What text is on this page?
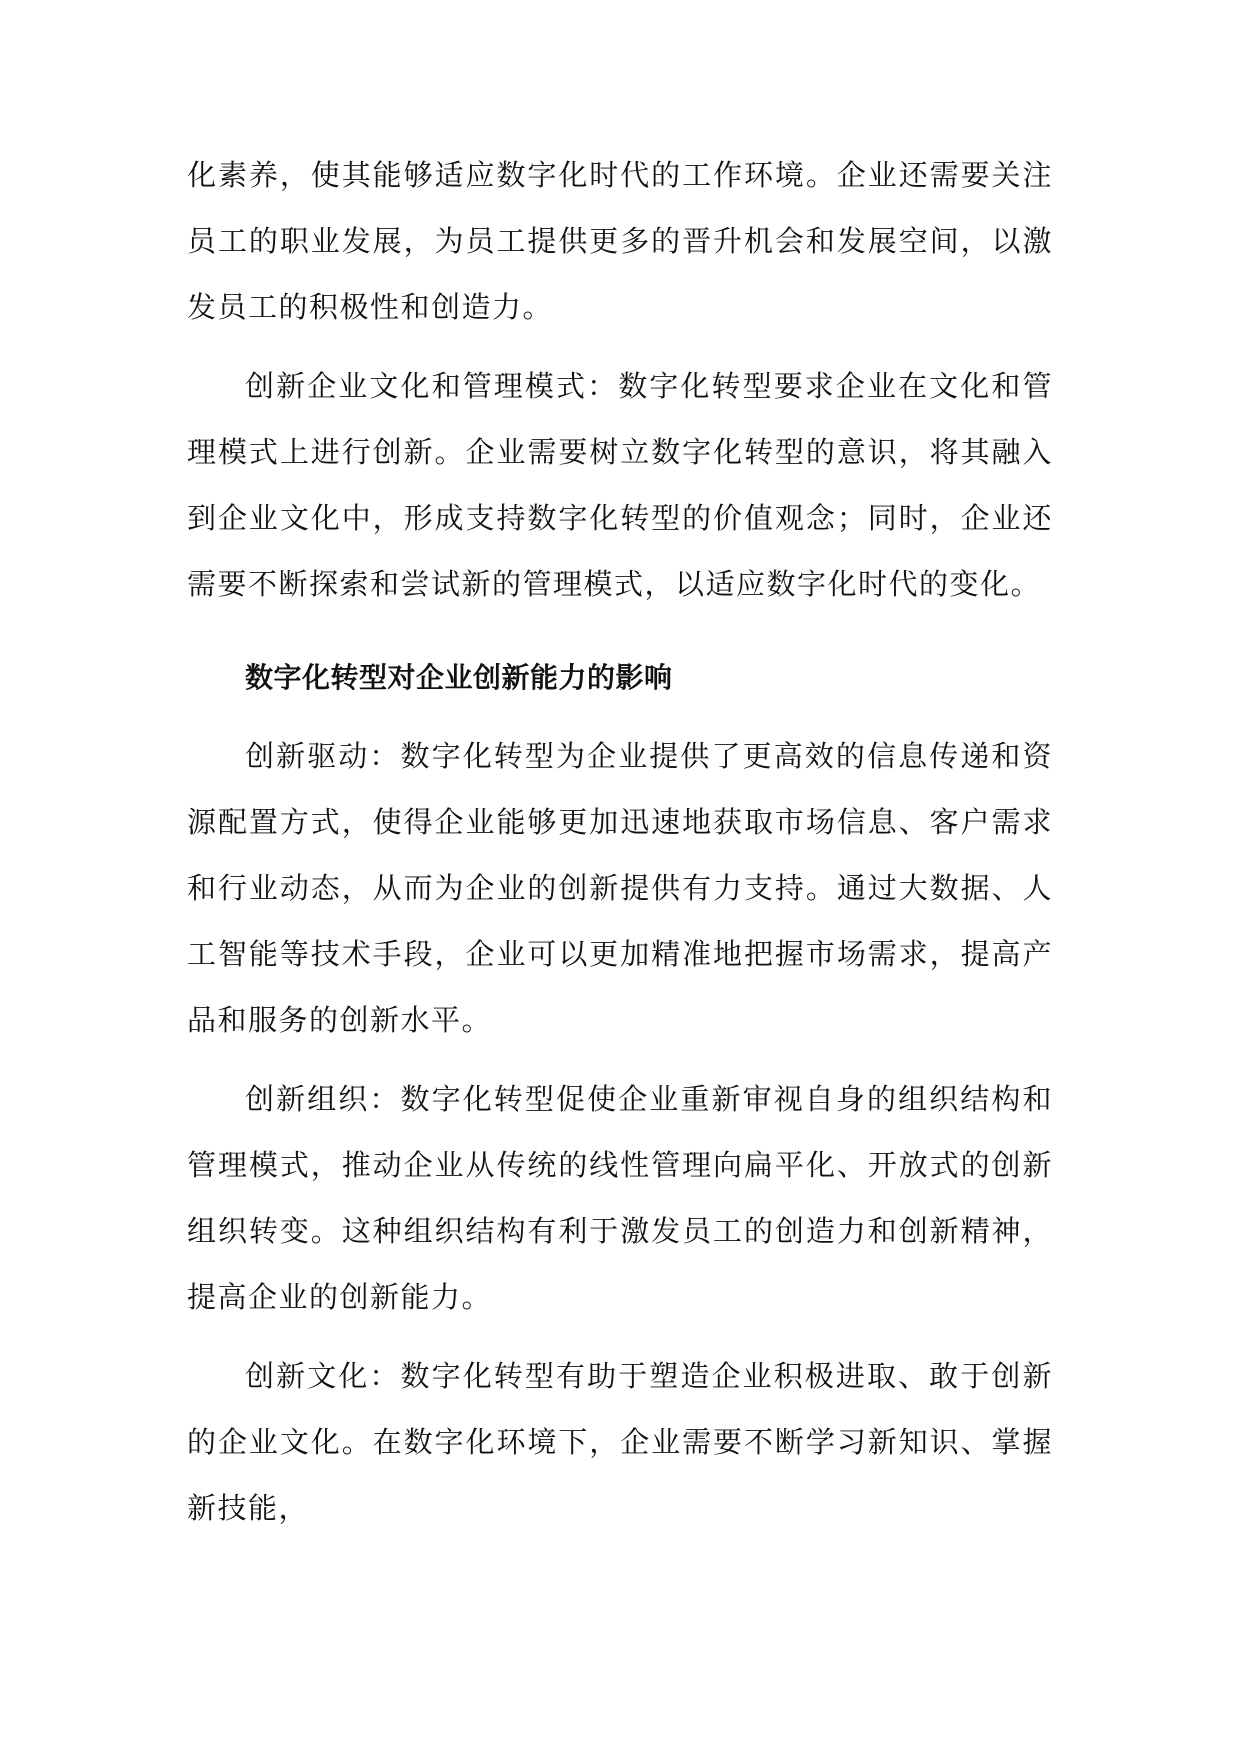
化素养，使其能够适应数字化时代的工作环境。企业还需要关注员工的职业发展，为员工提供更多的晋升机会和发展空间，以激发员工的积极性和创造力。

创新企业文化和管理模式：数字化转型要求企业在文化和管理模式上进行创新。企业需要树立数字化转型的意识，将其融入到企业文化中，形成支持数字化转型的价值观念；同时，企业还需要不断探索和尝试新的管理模式，以适应数字化时代的变化。

数字化转型对企业创新能力的影响

创新驱动：数字化转型为企业提供了更高效的信息传递和资源配置方式，使得企业能够更加迅速地获取市场信息、客户需求和行业动态，从而为企业的创新提供有力支持。通过大数据、人工智能等技术手段，企业可以更加精准地把握市场需求，提高产品和服务的创新水平。

创新组织：数字化转型促使企业重新审视自身的组织结构和管理模式，推动企业从传统的线性管理向扁平化、开放式的创新组织转变。这种组织结构有利于激发员工的创造力和创新精神，提高企业的创新能力。

创新文化：数字化转型有助于塑造企业积极进取、敢于创新的企业文化。在数字化环境下，企业需要不断学习新知识、掌握新技能，
